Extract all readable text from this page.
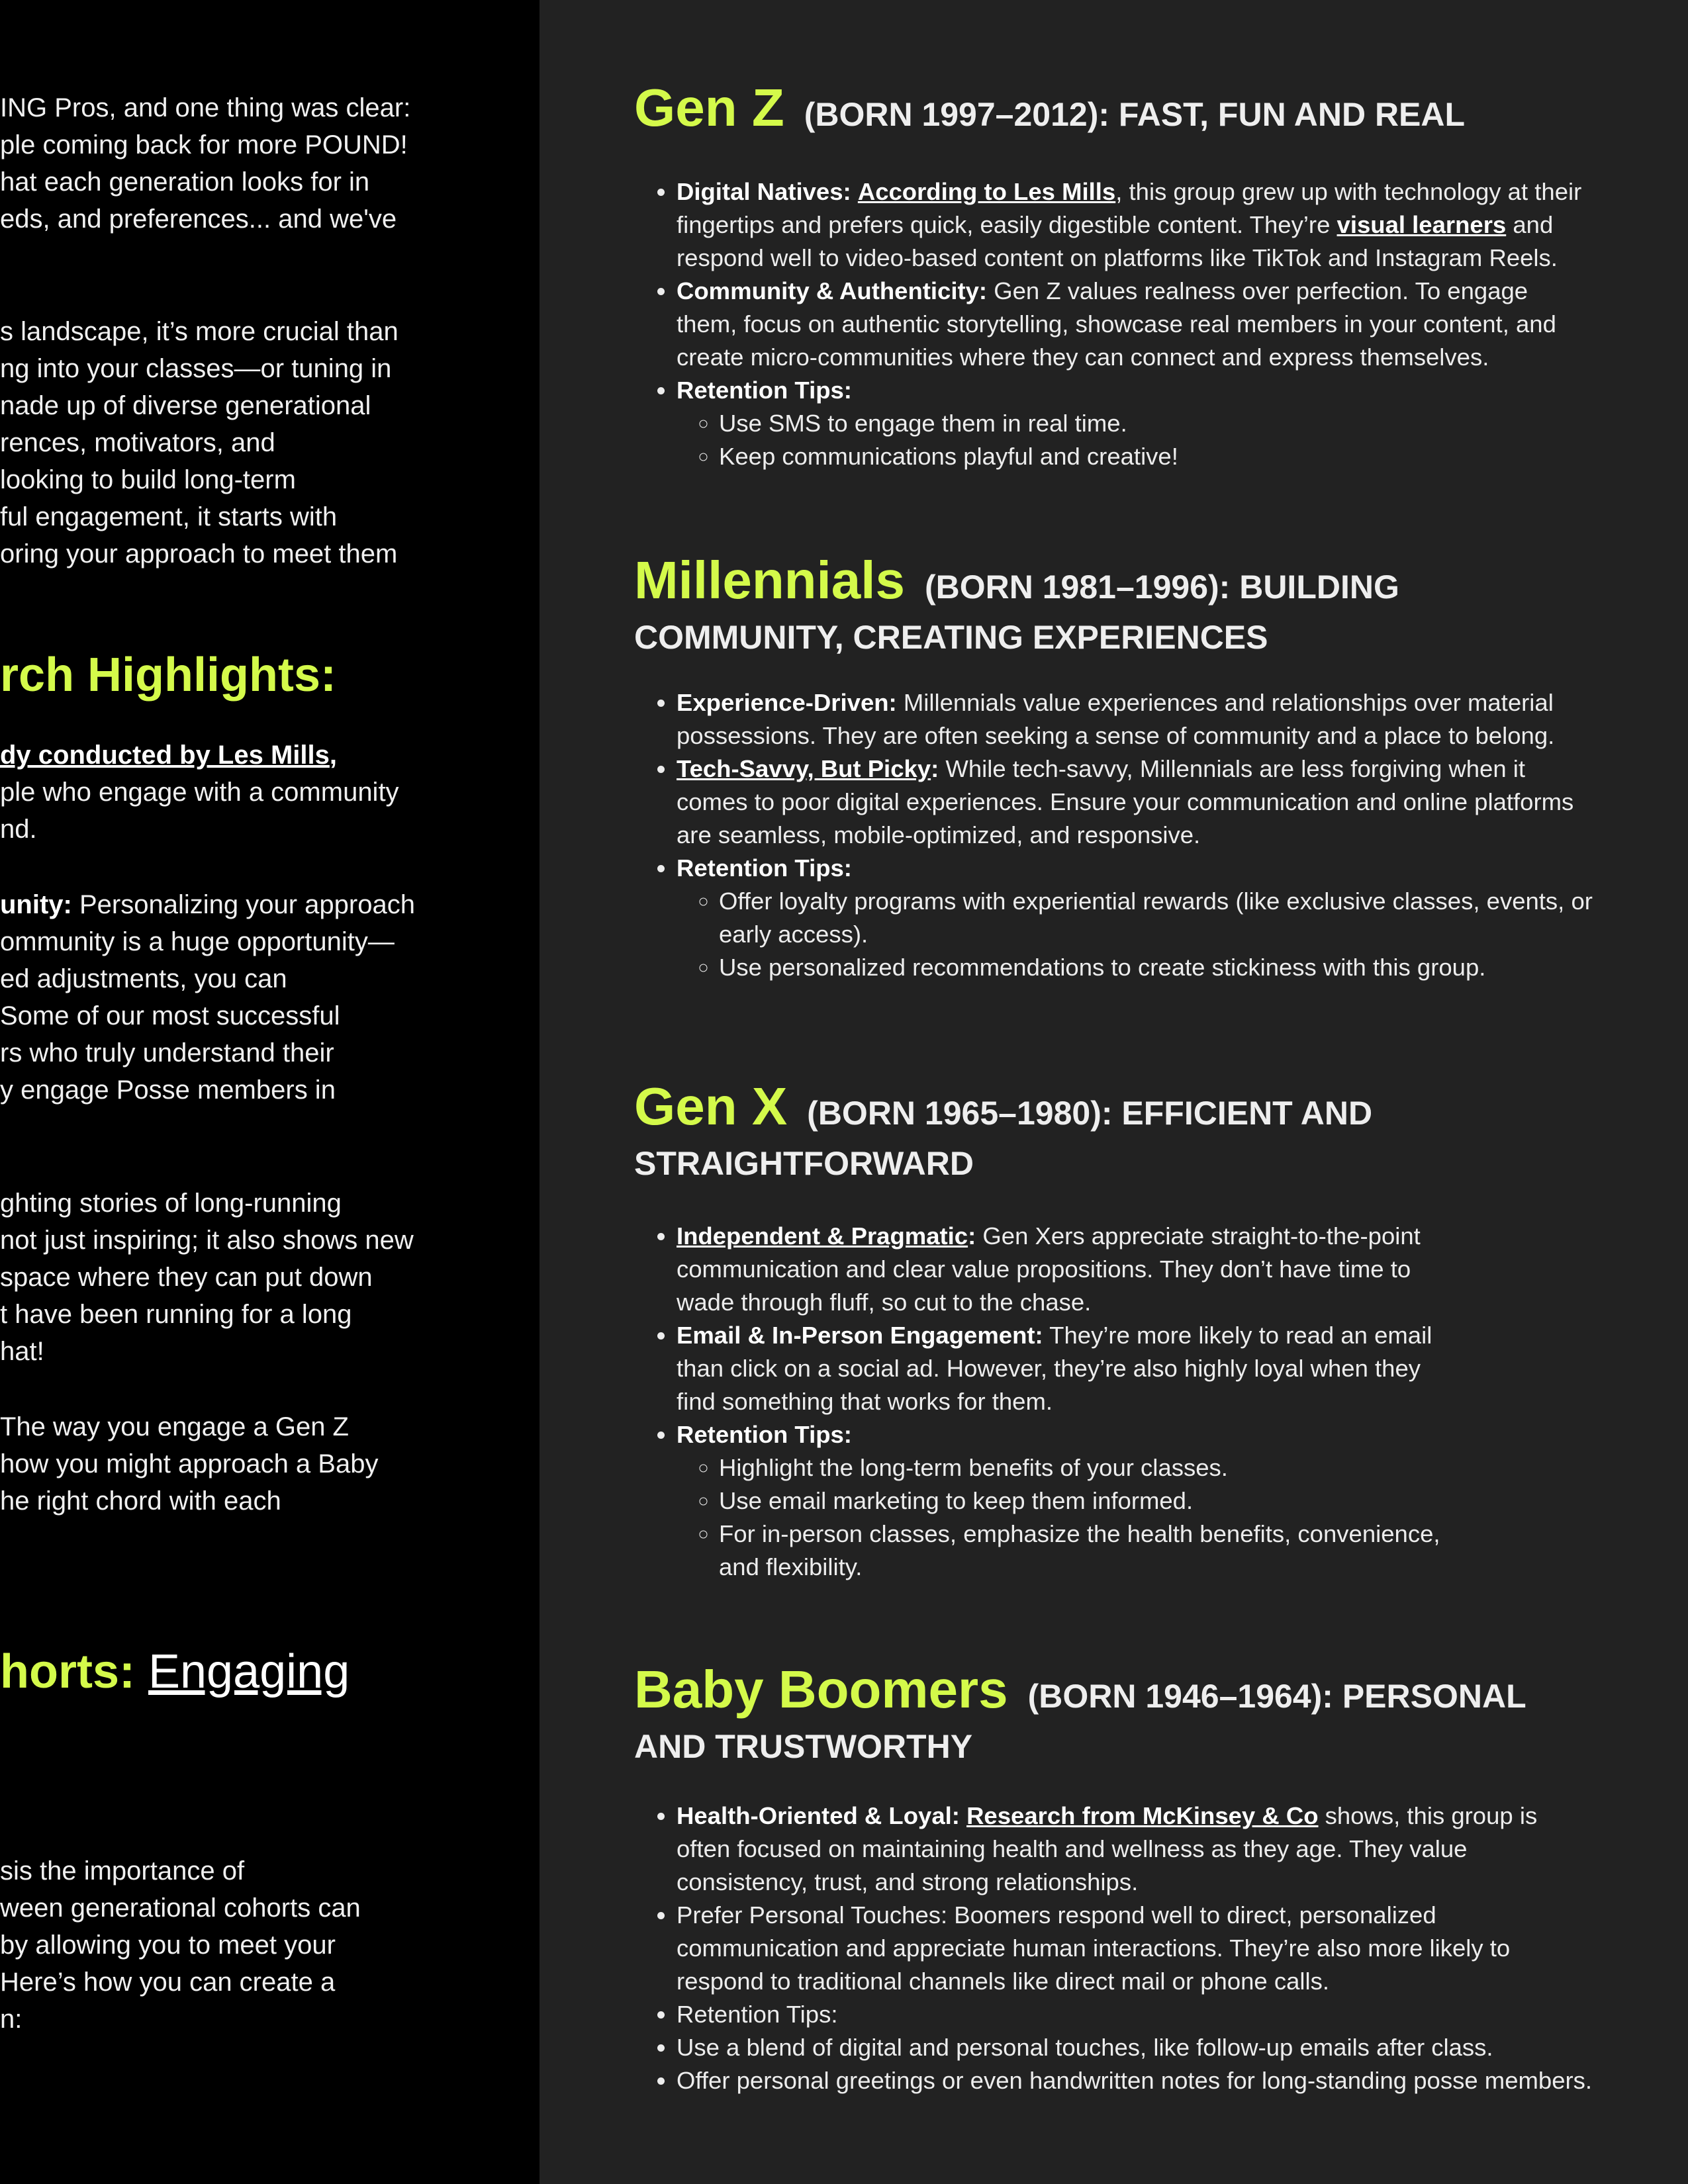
ING Pros, and one thing was clear:

ple coming back for more POUND!

hat each generation looks for in

eds, and preferences... and we've

s landscape, it’s more crucial than

ng into your classes—or tuning in

nade up of diverse generational

rences, motivators, and

looking to build long-term

ful engagement, it starts with

oring your approach to meet them

rch Highlights:

dy conducted by Les Mills,

ple who engage with a community

nd.

unity: Personalizing your approach

ommunity is a huge opportunity—

ed adjustments, you can

Some of our most successful

rs who truly understand their

y engage Posse members in

ghting stories of long-running

not just inspiring; it also shows new

space where they can put down

t have been running for a long

hat!

The way you engage a Gen Z

how you might approach a Baby

he right chord with each

horts: Engaging

sis the importance of

ween generational cohorts can

by allowing you to meet your

Here’s how you can create a

n:

Gen Z (BORN 1997–2012): FAST, FUN AND REAL
• Digital Natives: According to Les Mills, this group grew up with technology at their fingertips and prefers quick, easily digestible content. They’re visual learners and respond well to video-based content on platforms like TikTok and Instagram Reels.
• Community & Authenticity: Gen Z values realness over perfection. To engage them, focus on authentic storytelling, showcase real members in your content, and create micro-communities where they can connect and express themselves.
• Retention Tips:
◦ Use SMS to engage them in real time.
◦ Keep communications playful and creative!
Millennials (BORN 1981–1996): BUILDING
COMMUNITY, CREATING EXPERIENCES
• Experience-Driven: Millennials value experiences and relationships over material possessions. They are often seeking a sense of community and a place to belong.
• Tech-Savvy, But Picky: While tech-savvy, Millennials are less forgiving when it comes to poor digital experiences. Ensure your communication and online platforms are seamless, mobile-optimized, and responsive.
• Retention Tips:
◦ Offer loyalty programs with experiential rewards (like exclusive classes, events, or early access).
◦ Use personalized recommendations to create stickiness with this group.
Gen X (BORN 1965–1980): EFFICIENT AND
STRAIGHTFORWARD
• Independent & Pragmatic: Gen Xers appreciate straight-to-the-point communication and clear value propositions. They don’t have time to wade through fluff, so cut to the chase.
• Email & In-Person Engagement: They’re more likely to read an email than click on a social ad. However, they’re also highly loyal when they find something that works for them.
• Retention Tips:
◦ Highlight the long-term benefits of your classes.
◦ Use email marketing to keep them informed.
◦ For in-person classes, emphasize the health benefits, convenience, and flexibility.
Baby Boomers (BORN 1946–1964): PERSONAL
AND TRUSTWORTHY
• Health-Oriented & Loyal: Research from McKinsey & Co shows, this group is often focused on maintaining health and wellness as they age. They value consistency, trust, and strong relationships.
• Prefer Personal Touches: Boomers respond well to direct, personalized communication and appreciate human interactions. They’re also more likely to respond to traditional channels like direct mail or phone calls.
• Retention Tips:
• Use a blend of digital and personal touches, like follow-up emails after class.
• Offer personal greetings or even handwritten notes for long-standing posse members.
